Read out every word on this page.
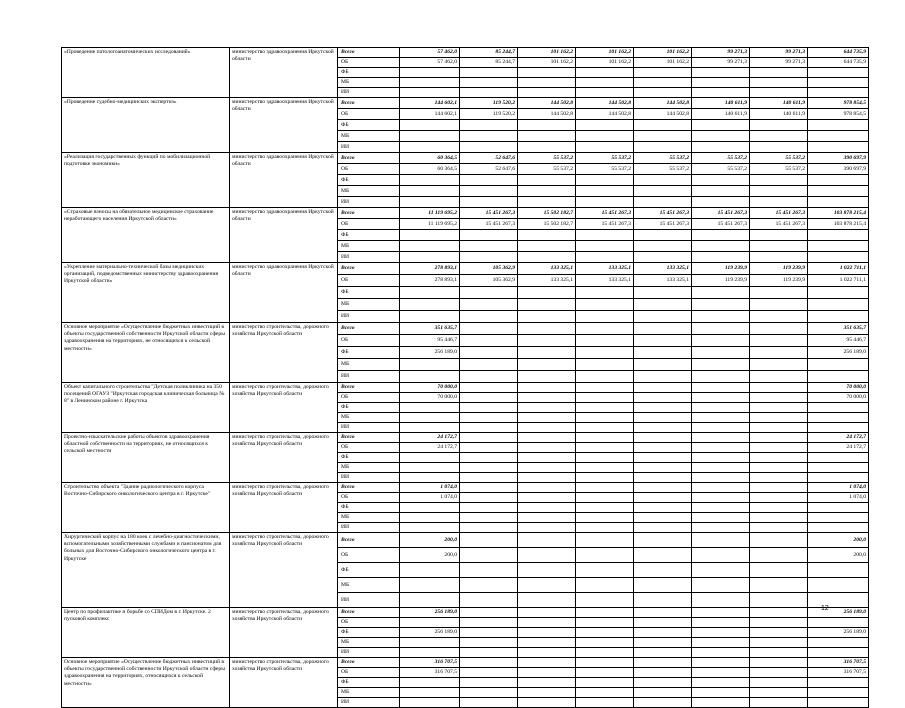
«Проведение патологоанатомических исследований»	министерство здравоохранения Иркутской области	Всего	57 462,0	85 244,7	101 162,2	101 162,2	101 162,2	99 271,3	99 271,3	644 735,9
		ОБ	57 462,0	85 244,7	101 162,2	101 162,2	101 162,2	99 271,3	99 271,3	644 735,9
		ФБ								
		МБ								
		ИИ								
«Проведение судебно-медицинских экспертиз»	министерство здравоохранения Иркутской области	Всего	144 602,1	119 520,2	144 502,8	144 502,8	144 502,8	140 611,9	140 611,9	978 854,5
		ОБ	144 602,1	119 520,2	144 502,8	144 502,8	144 502,8	140 611,9	140 611,9	978 854,5
		ФБ								
		МБ								
		ИИ								
«Реализация государственных функций по мобилизационной подготовке экономики»	министерство здравоохранения Иркутской области	Всего	60 364,5	52 647,6	55 537,2	55 537,2	55 537,2	55 537,2	55 537,2	390 697,9
		ОБ	60 364,5	52 647,6	55 537,2	55 537,2	55 537,2	55 537,2	55 537,2	390 697,9
		ФБ								
		МБ								
		ИИ								
«Страховые взносы на обязательное медицинское страхование неработающего населения Иркутской области»	министерство здравоохранения Иркутской области	Всего	11 119 695,2	15 451 267,3	15 502 182,7	15 451 267,3	15 451 267,3	15 451 267,3	15 451 267,3	103 878 215,4
		ОБ	11 119 695,2	15 451 267,3	15 502 182,7	15 451 267,3	15 451 267,3	15 451 267,3	15 451 267,3	103 878 215,4
		ФБ								
		МБ								
		ИИ								
«Укрепление материально-технической базы медицинских организаций, подведомственных министерству здравоохранения Иркутской области»	министерство здравоохранения Иркутской области	Всего	278 893,1	105 362,9	133 325,1	133 325,1	133 325,1	119 239,9	119 239,9	1 022 711,1
		ОБ	278 893,1	105 362,9	133 325,1	133 325,1	133 325,1	119 239,9	119 239,9	1 022 711,1
		ФБ								
		МБ								
		ИИ								
Основное мероприятие «Осуществление бюджетных инвестиций в объекты государственной собственности Иркутской области сферы здравоохранения на территориях, не относящихся к сельской местности»	министерство строительства, дорожного хозяйства Иркутской области	Всего	351 635,7							351 635,7
		ОБ	95 446,7							95 446,7
		ФБ	256 189,0							256 189,0
		МБ								
		ИИ								
Объект капитального строительства "Детская поликлиника на 350 посещений ОГАУЗ "Иркутская городская клиническая больница № 8" в Ленинском районе г. Иркутска	министерство строительства, дорожного хозяйства Иркутской области	Всего	70 000,0							70 000,0
		ОБ	70 000,0							70 000,0
		ФБ								
		МБ								
		ИИ								
Проектно-изыскательские работы объектов здравоохранения областной собственности на территориях, не относящихся к сельской местности	министерство строительства, дорожного хозяйства Иркутской области	Всего	24 172,7							24 172,7
		ОБ	24 172,7							24 172,7
		ФБ								
		МБ								
		ИИ								
Строительство объекта "Здание радиологического корпуса Восточно-Сибирского онкологического центра в г. Иркутске"	министерство строительства, дорожного хозяйства Иркутской области	Всего	1 074,0							1 074,0
		ОБ	1 074,0							1 074,0
		ФБ								
		МБ								
		ИИ								
Хирургический корпус на 180 коек с лечебно-диагностическими, вспомогательными хозяйственными службами и пансионатом для больных для Восточно-Сибирского онкологического центра в г. Иркутске	министерство строительства, дорожного хозяйства Иркутской области	Всего	200,0							200,0
		ОБ	200,0							200,0
		ФБ								
		МБ								
		ИИ								
Центр по профилактике и борьбе со СПИДом в г. Иркутске. 2 пусковой комплекс	министерство строительства, дорожного хозяйства Иркутской области	Всего	256 189,0							256 189,0
		ОБ								
		ФБ	256 189,0							256 189,0
		МБ								
		ИИ								
Основное мероприятие «Осуществление бюджетных инвестиций в объекты государственной собственности Иркутской области сферы здравоохранения на территориях, относящихся к сельской местности»	министерство строительства, дорожного хозяйства Иркутской области	Всего	316 707,5							316 707,5
		ОБ	316 707,5							316 707,5
		ФБ								
		МБ								
		ИИ								
12
